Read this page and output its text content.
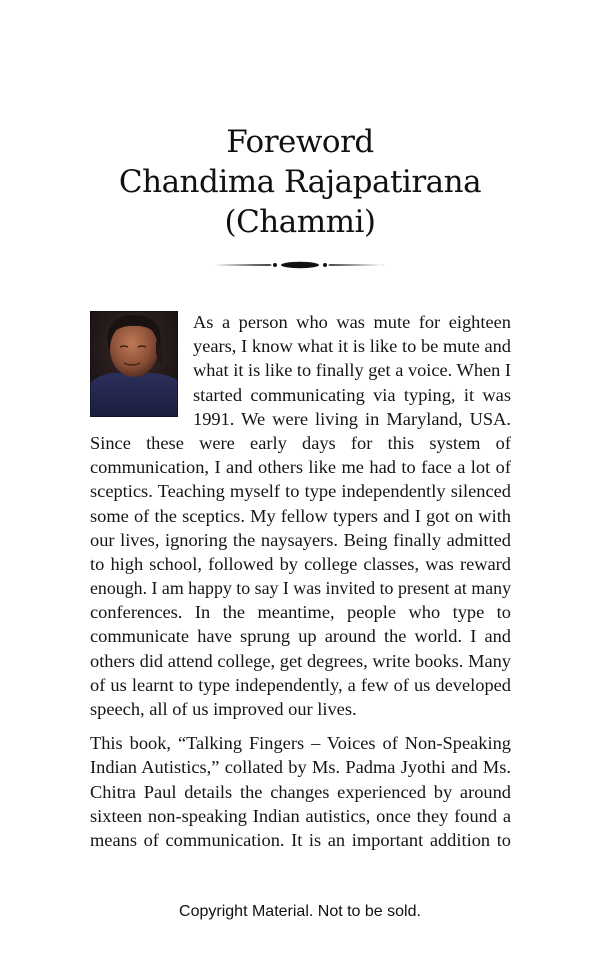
Foreword
Chandima Rajapatirana
(Chammi)
As a person who was mute for eighteen
years, I know what it is like to be mute and
what it is like to finally get a voice. When I
started communicating via typing, it was
1991. We were living in Maryland, USA.
Since these were early days for this system of
communication, I and others like me had to face a lot of
sceptics. Teaching myself to type independently silenced
some of the sceptics. My fellow typers and I got on with
our lives, ignoring the naysayers. Being finally admitted
to high school, followed by college classes, was reward
enough. I am happy to say I was invited to present at many
conferences. In the meantime, people who type to
communicate have sprung up around the world. I and
others did attend college, get degrees, write books. Many
of us learnt to type independently, a few of us developed
speech, all of us improved our lives.
This book, “Talking Fingers – Voices of Non-Speaking
Indian Autistics,” collated by Ms. Padma Jyothi and Ms.
Chitra Paul details the changes experienced by around
sixteen non-speaking Indian autistics, once they found a
means of communication. It is an important addition to
Copyright Material. Not to be sold.
